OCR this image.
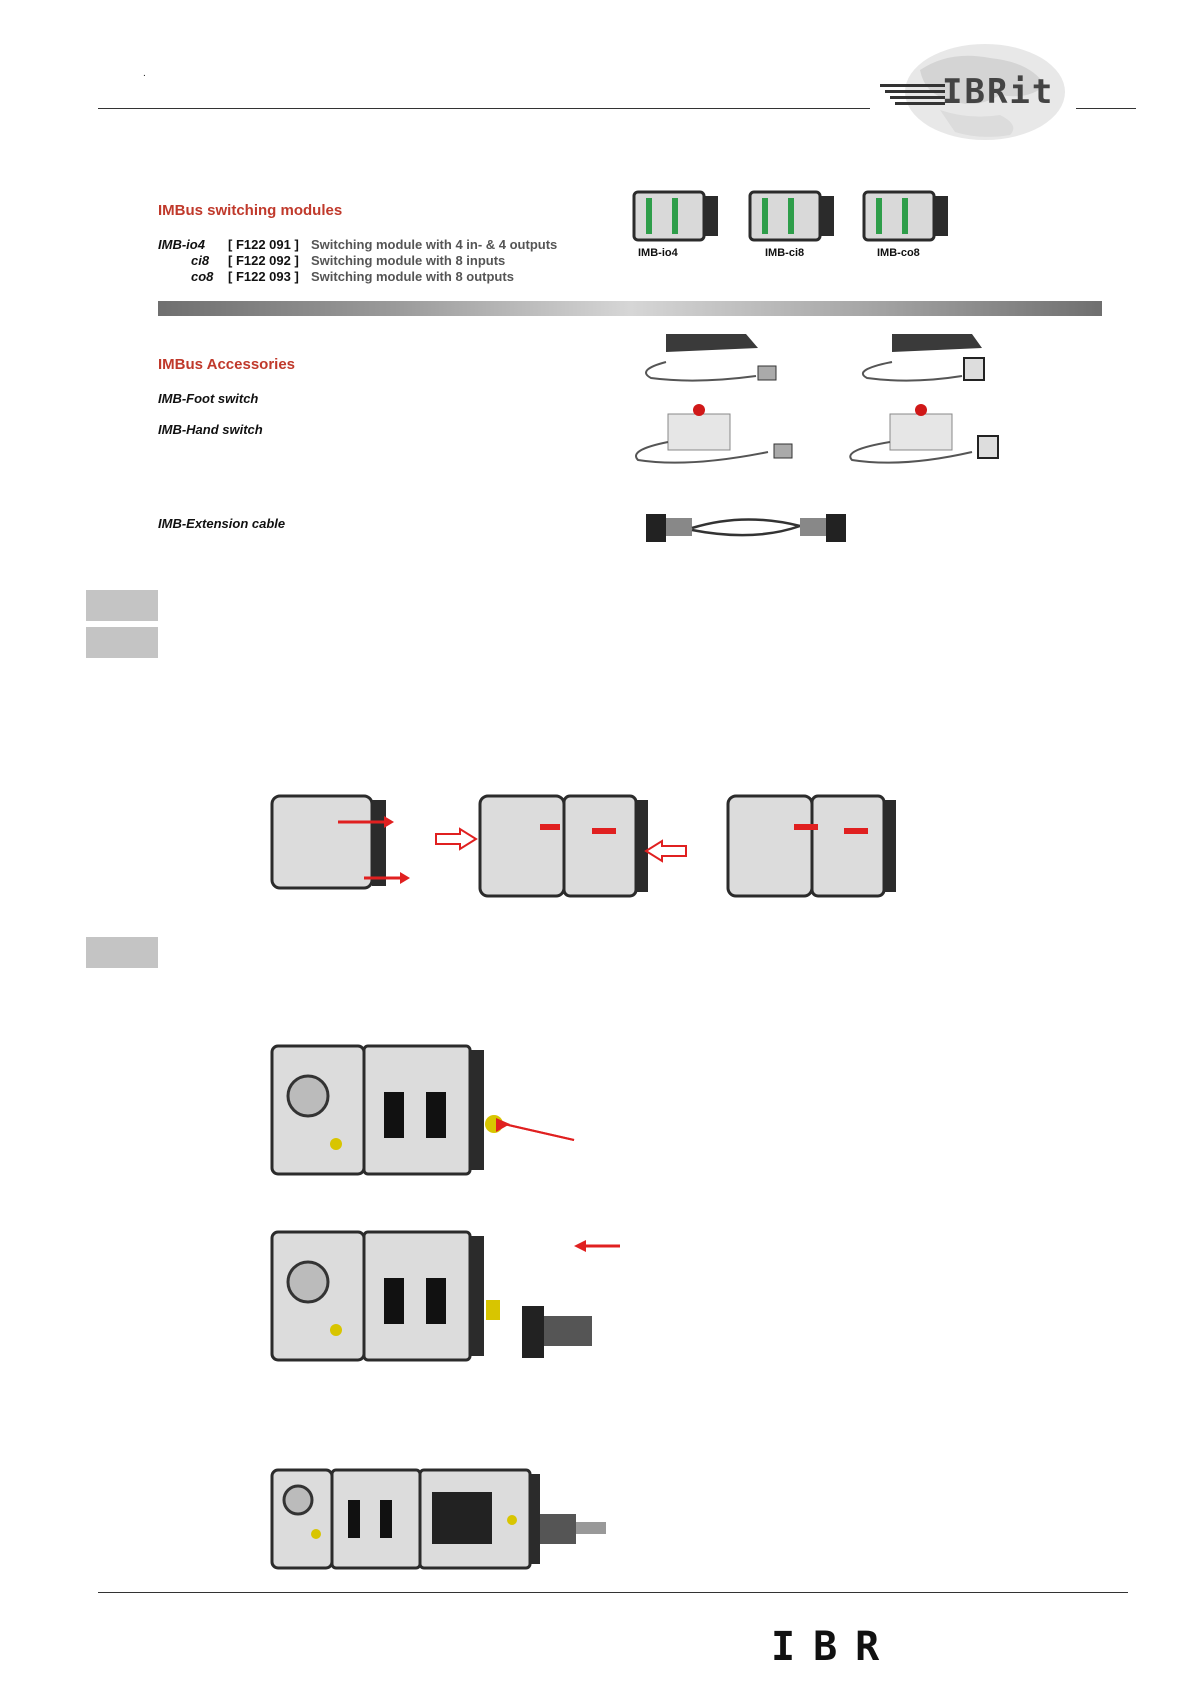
.	IBRit
IMBus switching modules
IMB-io4 [ F122 091 ] Switching module with 4 in- & 4 outputs
ci8 [ F122 092 ] Switching module with 8 inputs
co8 [ F122 093 ] Switching module with 8 outputs
IMB-io4	IMB-ci8	IMB-co8
IMBus Accessories
IMB-Foot switch
IMB-Hand switch
IMB-Extension cable
IBR
